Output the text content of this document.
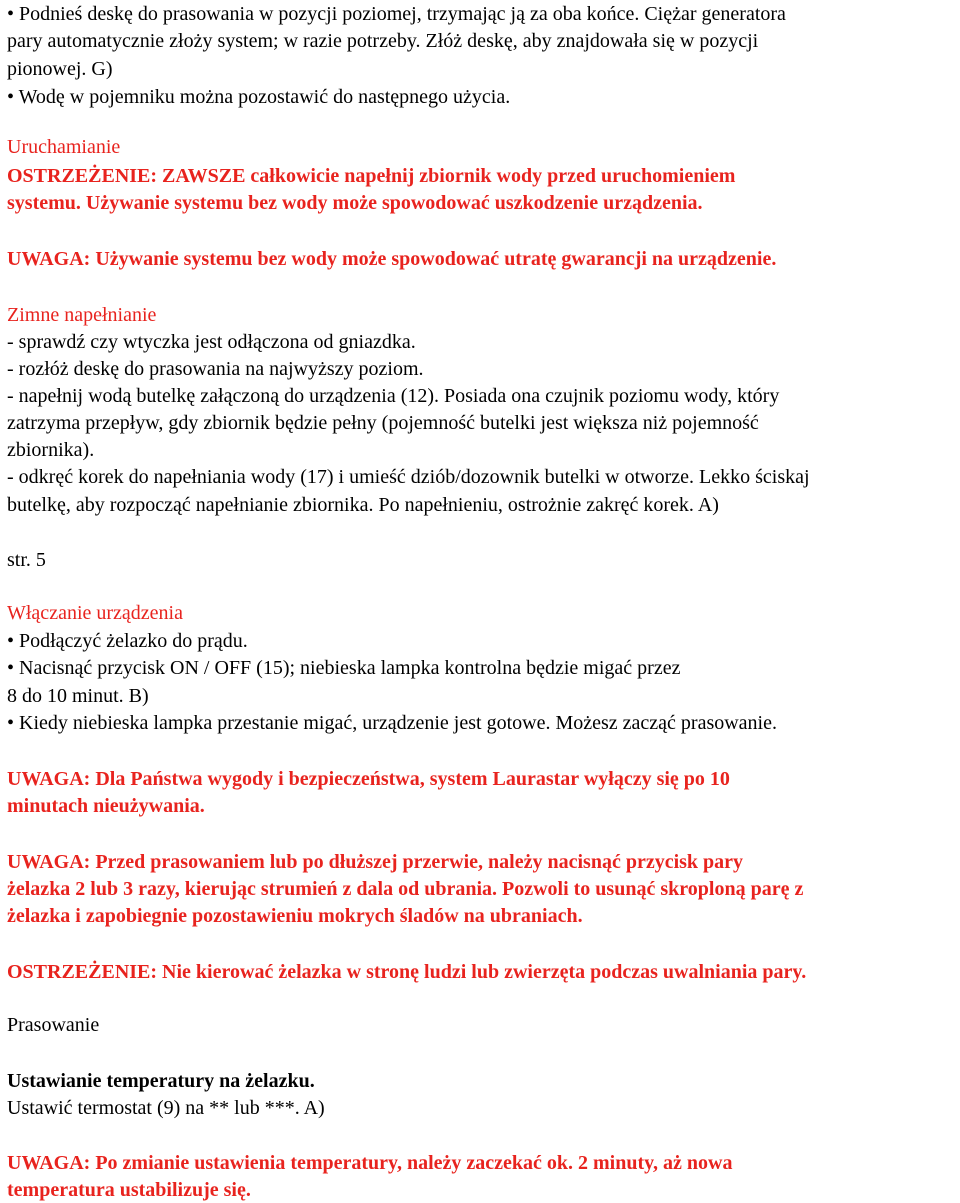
• Podnieś deskę do prasowania w pozycji poziomej, trzymając ją za oba końce. Ciężar generatora
pary automatycznie złoży system; w razie potrzeby. Złóż deskę, aby znajdowała się w pozycji
pionowej. G)
• Wodę w pojemniku można pozostawić do następnego użycia.
Uruchamianie
OSTRZEŻENIE: ZAWSZE całkowicie napełnij zbiornik wody przed uruchomieniem
systemu. Używanie systemu bez wody może spowodować uszkodzenie urządzenia.
UWAGA: Używanie systemu bez wody może spowodować utratę gwarancji na urządzenie.
Zimne napełnianie
- sprawdź czy wtyczka jest odłączona od gniazdka.
- rozłóż deskę do prasowania na najwyższy poziom.
- napełnij wodą butelkę załączoną do urządzenia (12). Posiada ona czujnik poziomu wody, który
zatrzyma przepływ, gdy zbiornik będzie pełny (pojemność butelki jest większa niż pojemność
zbiornika).
- odkręć korek do napełniania wody (17) i umieść dziób/dozownik butelki w otworze. Lekko ściskaj
butelkę, aby rozpocząć napełnianie zbiornika. Po napełnieniu, ostrożnie zakręć korek. A)
str. 5
Włączanie urządzenia
• Podłączyć żelazko do prądu.
• Nacisnąć przycisk ON / OFF (15); niebieska lampka kontrolna będzie migać przez
8 do 10 minut. B)
• Kiedy niebieska lampka przestanie migać, urządzenie jest gotowe. Możesz zacząć prasowanie.
UWAGA: Dla Państwa wygody i bezpieczeństwa, system Laurastar wyłączy się po 10
minutach nieużywania.
UWAGA: Przed prasowaniem lub po dłuższej przerwie, należy nacisnąć przycisk pary
żelazka 2 lub 3 razy, kierując strumień z dala od ubrania. Pozwoli to usunąć skroploną parę z
żelazka i zapobiegnie pozostawieniu mokrych śladów na ubraniach.
OSTRZEŻENIE: Nie kierować żelazka w stronę ludzi lub zwierzęta podczas uwalniania pary.
Prasowanie
Ustawianie temperatury na żelazku.
Ustawić termostat (9) na ** lub ***. A)
UWAGA: Po zmianie ustawienia temperatury, należy zaczekać ok. 2 minuty, aż nowa
temperatura ustabilizuje się.
